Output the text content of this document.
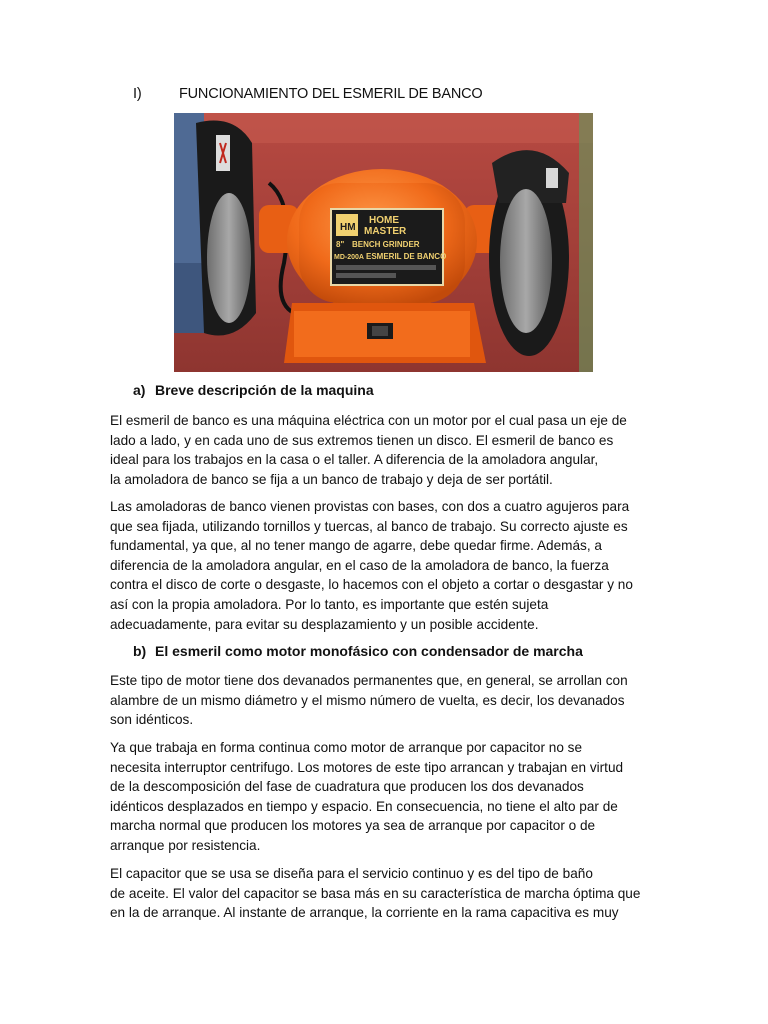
I)	FUNCIONAMIENTO DEL ESMERIL DE BANCO
HM
HOME
MASTER
8" BENCH GRINDER
MD-200A ESMERIL DE BANCO
a) Breve descripción de la maquina
El esmeril de banco es una máquina eléctrica con un motor por el cual pasa un eje de
lado a lado, y en cada uno de sus extremos tienen un disco. El esmeril de banco es
ideal para los trabajos en la casa o el taller. A diferencia de la amoladora angular,
la amoladora de banco se fija a un banco de trabajo y deja de ser portátil.
Las amoladoras de banco vienen provistas con bases, con dos a cuatro agujeros para
que sea fijada, utilizando tornillos y tuercas, al banco de trabajo. Su correcto ajuste es
fundamental, ya que, al no tener mango de agarre, debe quedar firme. Además, a
diferencia de la amoladora angular, en el caso de la amoladora de banco, la fuerza
contra el disco de corte o desgaste, lo hacemos con el objeto a cortar o desgastar y no
así con la propia amoladora. Por lo tanto, es importante que estén sujeta
adecuadamente, para evitar su desplazamiento y un posible accidente.
b) El esmeril como motor monofásico con condensador de marcha
Este tipo de motor tiene dos devanados permanentes que, en general, se arrollan con
alambre de un mismo diámetro y el mismo número de vuelta, es decir, los devanados
son idénticos.
Ya que trabaja en forma continua como motor de arranque por capacitor no se
necesita interruptor centrifugo. Los motores de este tipo arrancan y trabajan en virtud
de la descomposición del fase de cuadratura que producen los dos devanados
idénticos desplazados en tiempo y espacio. En consecuencia, no tiene el alto par de
marcha normal que producen los motores ya sea de arranque por capacitor o de
arranque por resistencia.
El capacitor que se usa se diseña para el servicio continuo y es del tipo de baño
de aceite. El valor del capacitor se basa más en su característica de marcha óptima que
en la de arranque. Al instante de arranque, la corriente en la rama capacitiva es muy
